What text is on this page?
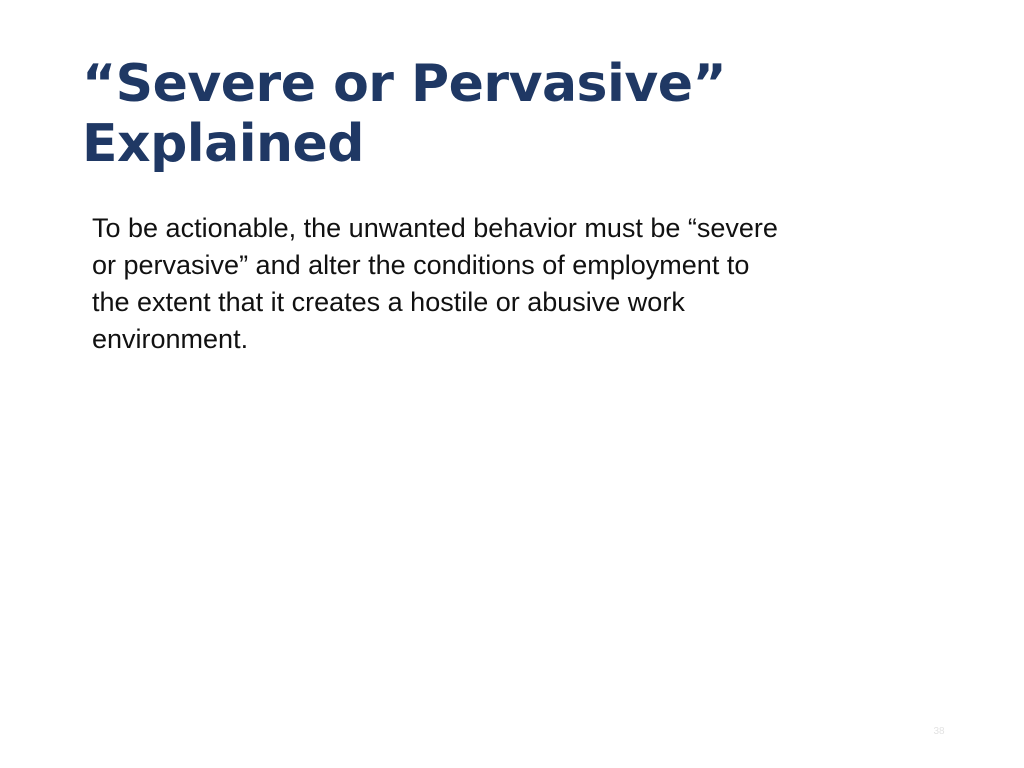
“Severe or Pervasive”
Explained
To be actionable, the unwanted behavior must be “severe
or pervasive” and alter the conditions of employment to
the extent that it creates a hostile or abusive work
environment.
38
